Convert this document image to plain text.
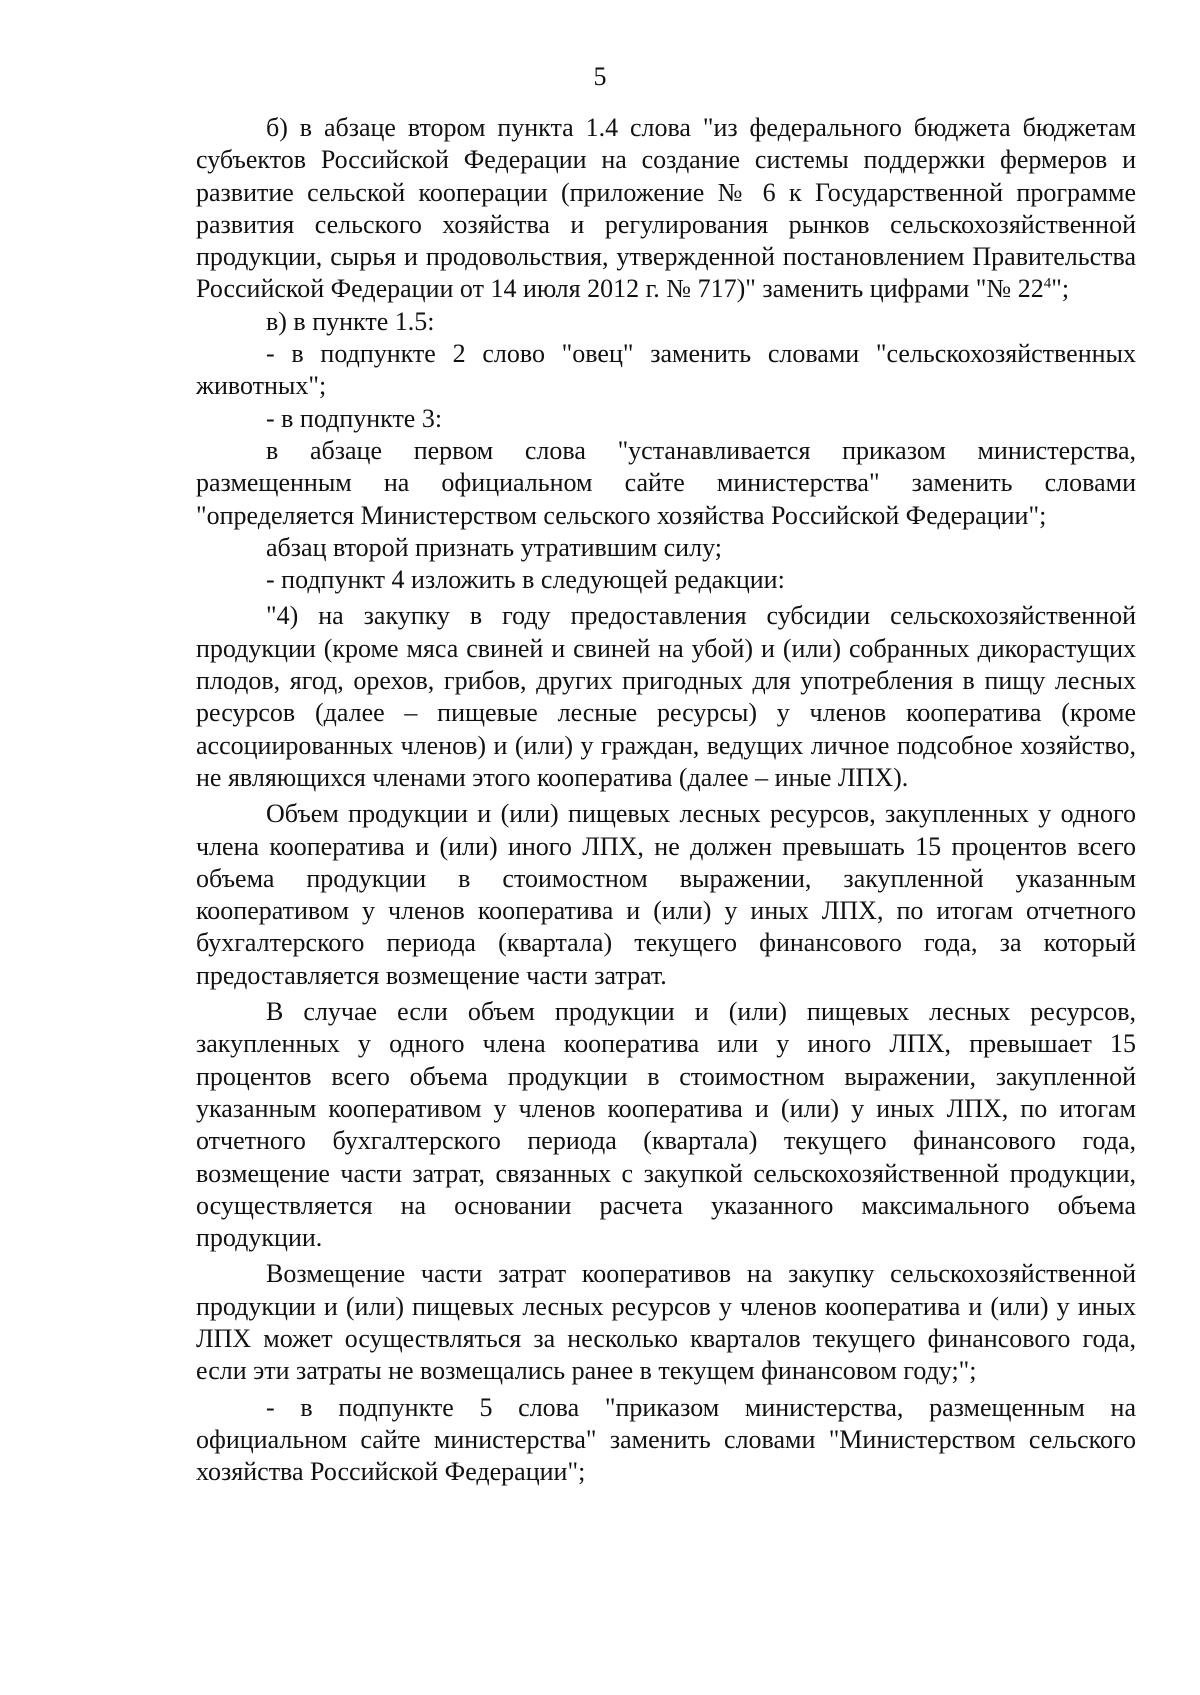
5

б) в абзаце втором пункта 1.4 слова "из федерального бюджета бюджетам субъектов Российской Федерации на создание системы поддержки фермеров и развитие сельской кооперации (приложение № 6 к Государственной программе развития сельского хозяйства и регулирования рынков сельскохозяйственной продукции, сырья и продовольствия, утвержденной постановлением Правительства Российской Федерации от 14 июля 2012 г. № 717)" заменить цифрами "№ $22^4$";

в) в пункте 1.5:

- в подпункте 2 слово "овец" заменить словами "сельскохозяйственных животных";

- в подпункте 3:

в абзаце первом слова "устанавливается приказом министерства, размещенным на официальном сайте министерства" заменить словами "определяется Министерством сельского хозяйства Российской Федерации";

абзац второй признать утратившим силу;

- подпункт 4 изложить в следующей редакции:

"4) на закупку в году предоставления субсидии сельскохозяйственной продукции (кроме мяса свиней и свиней на убой) и (или) собранных дикорастущих плодов, ягод, орехов, грибов, других пригодных для употребления в пищу лесных ресурсов (далее – пищевые лесные ресурсы) у членов кооператива (кроме ассоциированных членов) и (или) у граждан, ведущих личное подсобное хозяйство, не являющихся членами этого кооператива (далее – иные ЛПХ).

Объем продукции и (или) пищевых лесных ресурсов, закупленных у одного члена кооператива и (или) иного ЛПХ, не должен превышать 15 процентов всего объема продукции в стоимостном выражении, закупленной указанным кооперативом у членов кооператива и (или) у иных ЛПХ, по итогам отчетного бухгалтерского периода (квартала) текущего финансового года, за который предоставляется возмещение части затрат.

В случае если объем продукции и (или) пищевых лесных ресурсов, закупленных у одного члена кооператива или у иного ЛПХ, превышает 15 процентов всего объема продукции в стоимостном выражении, закупленной указанным кооперативом у членов кооператива и (или) у иных ЛПХ, по итогам отчетного бухгалтерского периода (квартала) текущего финансового года, возмещение части затрат, связанных с закупкой сельскохозяйственной продукции, осуществляется на основании расчета указанного максимального объема продукции.

Возмещение части затрат кооперативов на закупку сельскохозяйственной продукции и (или) пищевых лесных ресурсов у членов кооператива и (или) у иных ЛПХ может осуществляться за несколько кварталов текущего финансового года, если эти затраты не возмещались ранее в текущем финансовом году;";

- в подпункте 5 слова "приказом министерства, размещенным на официальном сайте министерства" заменить словами "Министерством сельского хозяйства Российской Федерации";
